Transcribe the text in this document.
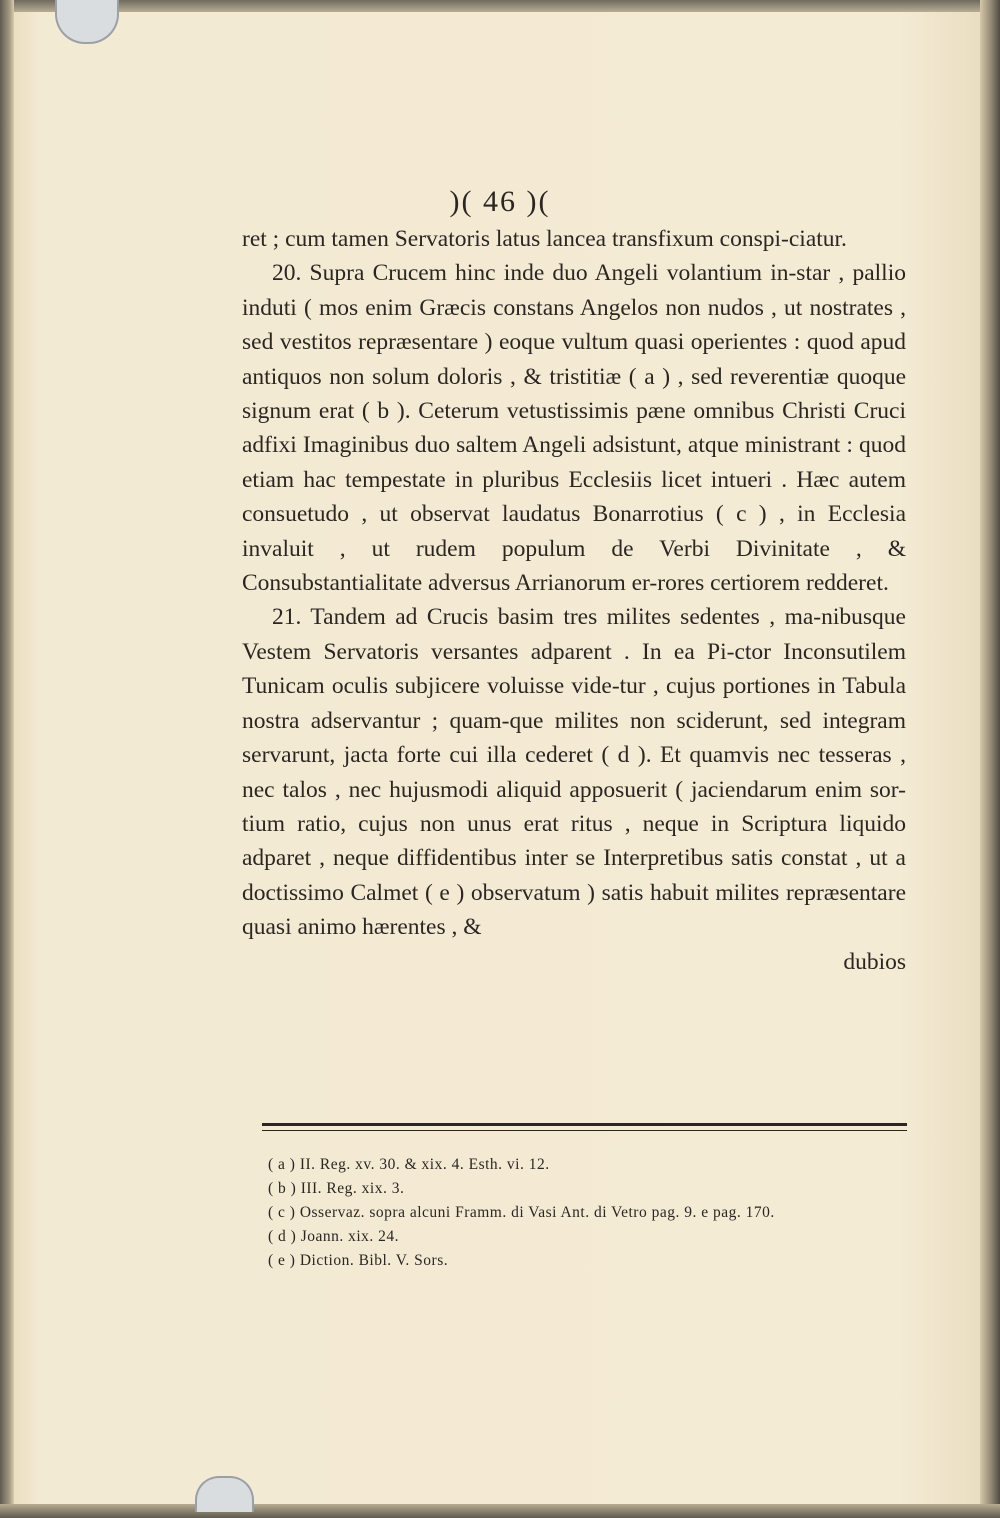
)( 46 )(

ret ; cum tamen Servatoris latus lancea transfixum conspi-ciatur.

20. Supra Crucem hinc inde duo Angeli volantium in-star , pallio induti ( mos enim Græcis constans Angelos non nudos , ut nostrates , sed vestitos repræsentare ) eoque vultum quasi operientes : quod apud antiquos non solum doloris , & tristitiæ ( a ) , sed reverentiæ quoque signum erat ( b ). Ceterum vetustissimis pæne omnibus Christi Cruci adfixi Imaginibus duo saltem Angeli adsistunt, atque ministrant : quod etiam hac tempestate in pluribus Ecclesiis licet intueri . Hæc autem consuetudo , ut observat laudatus Bonarrotius ( c ) , in Ecclesia invaluit , ut rudem populum de Verbi Divinitate , & Consubstantialitate adversus Arrianorum er-rores certiorem redderet.

21. Tandem ad Crucis basim tres milites sedentes , ma-nibusque Vestem Servatoris versantes adparent . In ea Pi-ctor Inconsutilem Tunicam oculis subjicere voluisse vide-tur , cujus portiones in Tabula nostra adservantur ; quam-que milites non sciderunt, sed integram servarunt, jacta forte cui illa cederet ( d ). Et quamvis nec tesseras , nec talos , nec hujusmodi aliquid apposuerit ( jaciendarum enim sor-tium ratio, cujus non unus erat ritus , neque in Scriptura liquido adparet , neque diffidentibus inter se Interpretibus satis constat , ut a doctissimo Calmet ( e ) observatum ) satis habuit milites repræsentare quasi animo hærentes , &

dubios

( a ) II. Reg. xv. 30. & xix. 4. Esth. vi. 12.
( b ) III. Reg. xix. 3.
( c ) Osservaz. sopra alcuni Framm. di Vasi Ant. di Vetro pag. 9. e pag. 170.
( d ) Joann. xix. 24.
( e ) Diction. Bibl. V. Sors.
